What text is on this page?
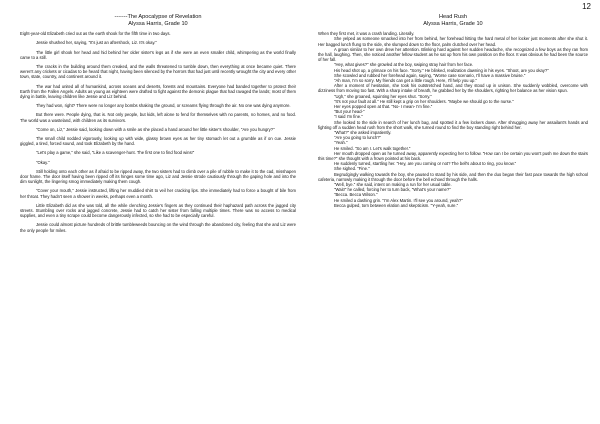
12
-------The Apocalypse of Revelation
Alyssa Harris, Grade 10

Eight-year-old Elizabeth cried out as the earth shook for the fifth time in two days.

Jessie shushed her, saying, "It's just an aftershock, Liz. It's okay."

The little girl shook her head and hid behind her older sister's legs as if she were an even smaller child, whimpering as the world finally came to a still.

The cracks in the building around them creaked, and the walls threatened to tumble down, then everything at once became quiet. There weren't any crickets or cicadas to be heard that night, having been silenced by the horrors that had just until recently wrought the city and every other town, state, country, and continent around it.

The war had united all of humankind, across oceans and deserts, forests and mountains. Everyone had banded together to protect their Earth from the Fallen Angels. Adults as young as eighteen were drafted to fight against the demonic plague that had ravaged the lands; most of them dying in battle, leaving children like Jessie and Liz behind.

They had won, right? There were no longer any bombs shaking the ground, or screams flying through the air. No one was dying anymore.

But there were. People dying, that is. Not only people, but kids, left alone to fend for themselves with no parents, no homes, and no food. The world was a wasteland, with children as its survivors.

"Come on, Liz," Jessie said, looking down with a smile as she placed a hand around her little sister's shoulder, "Are you hungry?"

The small child nodded vigorously, looking up with wide, glassy brown eyes as her tiny stomach let out a grumble as if on cue. Jessie giggled, a tired, forced sound, and took Elizabeth by the hand.

"Let's play a game," she said, "Like a scavenger-hunt. The first one to find food wins!"

"Okay."

Still holding onto each other as if afraid to be ripped away, the two sisters had to climb over a pile of rubble to make it to the cad, misshapen door frame. The door itself having been ripped off its hinges some time ago, Liz and Jessie strode cautiously through the gaping hole and into the dim sunlight, the lingering smog immediately making them cough.

"Cover your mouth," Jessie instructed, lifting her muddied shirt to veil her cracking lips. She immediately had to force a bought of bile from her throat. They hadn't seen a shower in weeks, perhaps even a month.

Little Elizabeth did as she was told, all the while clenching Jessie's fingers as they continued their haphazard path across the jagged city streets. Stumbling over rocks and jagged concrete, Jessie had to catch her sister from falling multiple times. There was no access to medical supplies, and even a tiny scrape could become dangerously infected, so she had to be especially careful.

Jessie could almost picture hundreds of brittle tumbleweeds bouncing on the wind through the abandoned city, feeling that she and Liz were the only people for miles.

Head Rush
Alyssa Harris, Grade 10

When they first met, it was a crash landing. Literally.

She yelped as someone smacked into her from behind, her forehead hitting the hard metal of her locker just moments after she shut it. Her bagged lunch flung to the side, she slumped down to the floor, palm clutched over her head.

A groan similar to her own drew her attention. Blinking hard against her sudden headache, she recognized a few boys as they ran from the hall, laughing. Then, she noticed another fellow student as he sat up from his own position on the floor. It was obvious he had been the source of her fall.

"Hey, what gives?" she growled at the boy, swiping stray hair from her face.

His head shot up, a grimace on his face. "Sorry." He blinked, realization dawning in his eyes. "Shoot, are you okay?"

She scowled and rubbed her forehead again, saying, "Worse case scenario, I'll have a massive bruise."

"Ah man, I'm so sorry. My friends can get a little rough. Here, I'll help you up."

After a moment of hesitation, she took his outstretched hand, and they stood up in unison. She suddenly wobbled, overcome with dizziness from moving too fast. With a sharp intake of breath, he grabbed her by the shoulders, righting her balance as her vision spun.

"Ugh," she groaned, squinting her eyes shut. "Sorry."

"It's not your fault at all." He still kept a grip on her shoulders. "Maybe we should go to the nurse."

Her eyes popped open at that. "No- I mean- I'm fine."

"But your head-"

"I said I'm fine."

She looked to the side in search of her lunch bag, and spotted it a few lockers down. After shrugging away her assailant's hands and fighting off a sudden head rush from the short walk, she turned round to find the boy standing right behind her.

"What?" she asked impatiently.

"Are you going to lunch?"

"Yeah."

He smiled. "So am I. Let's walk together."

Her mouth dropped open as he turned away, apparently expecting her to follow. "How can I be certain you won't push me down the stairs this time?" she thought with a frown pointed at his back.

He suddenly turned, startling her. "Hey, are you coming or not? The bell's about to ring, you know."

She sighed. "Fine."

Begrudgingly walking towards the boy, she paused to stand by his side, and then the duo began their fast pace towards the high school cafeteria, narrowly making it through the door before the bell echoed through the halls.

"Well, bye." she said, intent on making a run for her usual table.

"Wait!" he called, forcing her to turn back, "What's your name?"

"Becca. Becca Wilson."

He smiled a dashing grin. "I'm Alex Martin. I'll see you around, yeah?"

Becca gulped, torn between elation and skepticism. "Y-yeah, sure."
